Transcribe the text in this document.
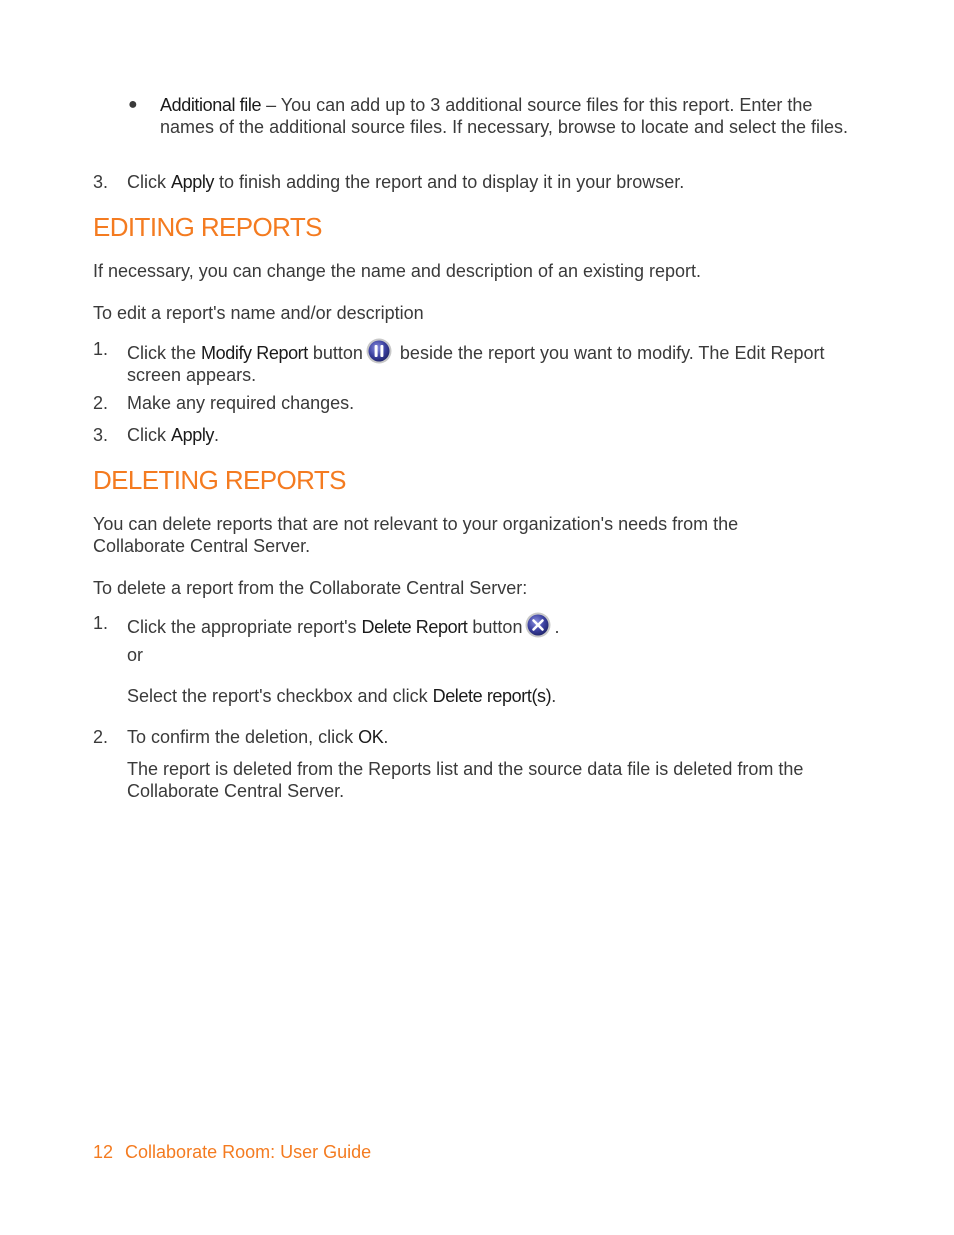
● Additional file – You can add up to 3 additional source files for this report. Enter the names of the additional source files. If necessary, browse to locate and select the files.

3. Click Apply to finish adding the report and to display it in your browser.

EDITING REPORTS

If necessary, you can change the name and description of an existing report.

To edit a report's name and/or description

1. Click the Modify Report button beside the report you want to modify. The Edit Report screen appears.

2. Make any required changes.

3. Click Apply.

DELETING REPORTS

You can delete reports that are not relevant to your organization's needs from the Collaborate Central Server.

To delete a report from the Collaborate Central Server:

1. Click the appropriate report's Delete Report button .

or

Select the report's checkbox and click Delete report(s).

2. To confirm the deletion, click OK.

The report is deleted from the Reports list and the source data file is deleted from the Collaborate Central Server.

12 Collaborate Room: User Guide
